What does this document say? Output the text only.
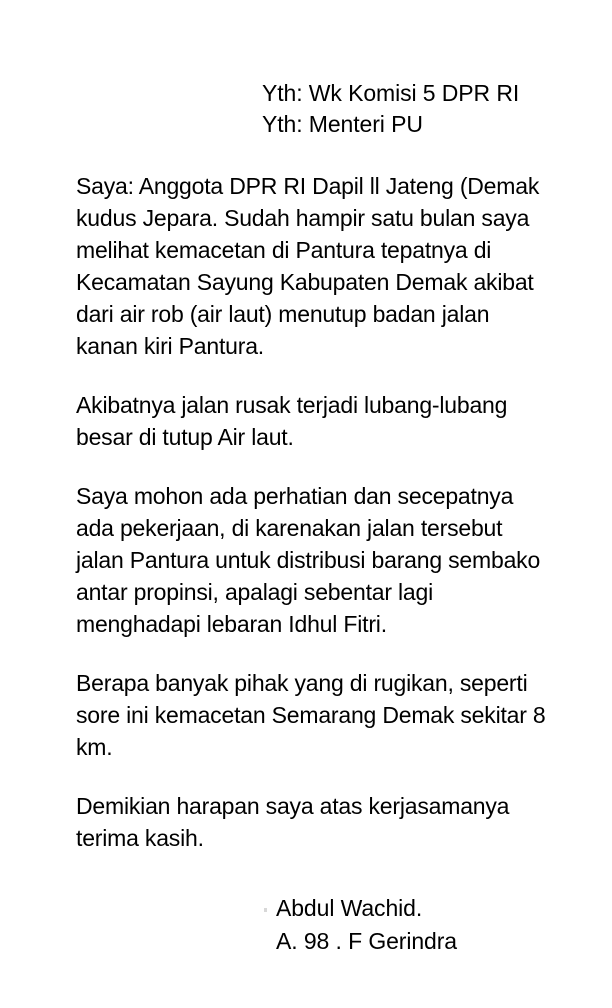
Yth: Wk Komisi 5 DPR RI
Yth: Menteri PU

Saya: Anggota DPR RI Dapil ll Jateng (Demak kudus Jepara. Sudah hampir satu bulan saya melihat kemacetan di Pantura tepatnya di Kecamatan Sayung Kabupaten Demak akibat dari air rob (air laut) menutup badan jalan kanan kiri Pantura.

Akibatnya jalan rusak terjadi lubang-lubang besar di tutup Air laut.

Saya mohon ada perhatian dan secepatnya ada pekerjaan, di karenakan jalan tersebut jalan Pantura untuk distribusi barang sembako antar propinsi, apalagi sebentar lagi menghadapi lebaran Idhul Fitri.

Berapa banyak pihak yang di rugikan, seperti sore ini kemacetan Semarang Demak sekitar 8 km.

Demikian harapan saya atas kerjasamanya terima kasih.

Abdul Wachid.
A. 98 . F Gerindra
